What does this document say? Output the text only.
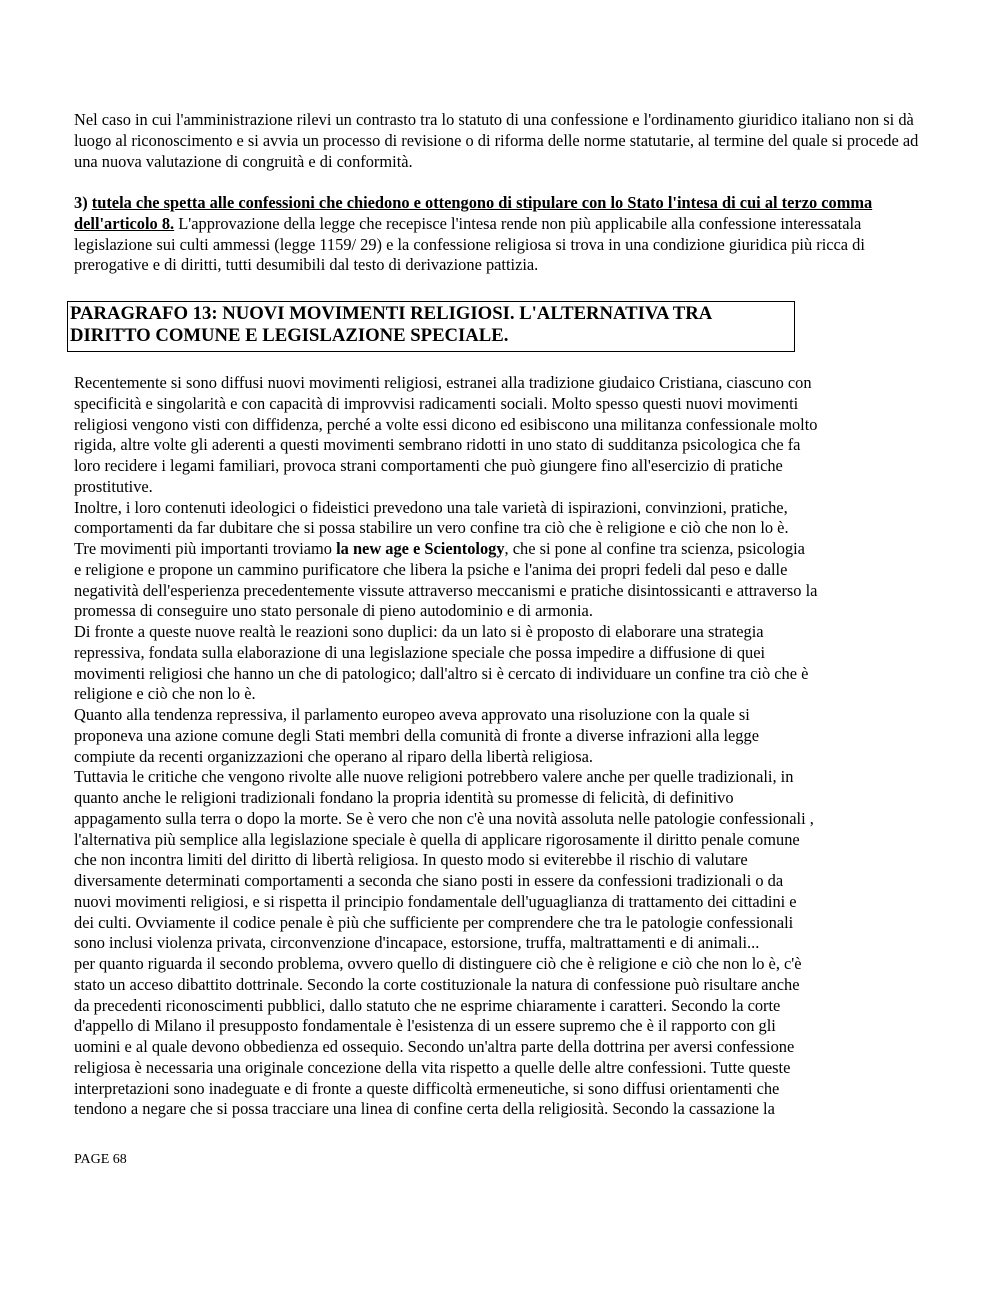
Nel caso in cui l'amministrazione rilevi un contrasto tra lo statuto di una confessione e l'ordinamento giuridico italiano non si dà luogo al riconoscimento e si avvia un processo di revisione o di riforma delle norme statutarie, al termine del quale si procede ad una nuova valutazione di congruità e di conformità.

3) tutela che spetta alle confessioni che chiedono e ottengono di stipulare con lo Stato l'intesa di cui al terzo comma dell'articolo 8. L'approvazione della legge che recepisce l'intesa rende non più applicabile alla confessione interessatala legislazione sui culti ammessi (legge 1159/ 29) e la confessione religiosa si trova in una condizione giuridica più ricca di prerogative e di diritti, tutti desumibili dal testo di derivazione pattizia.

PARAGRAFO 13: NUOVI MOVIMENTI RELIGIOSI. L'ALTERNATIVA TRA DIRITTO COMUNE E LEGISLAZIONE SPECIALE.

Recentemente si sono diffusi nuovi movimenti religiosi, estranei alla tradizione giudaico Cristiana, ciascuno con
specificità e singolarità e con capacità di improvvisi radicamenti sociali. Molto spesso questi nuovi movimenti
religiosi vengono visti con diffidenza, perché a volte essi dicono ed esibiscono una militanza confessionale molto
rigida, altre volte gli aderenti a questi movimenti sembrano ridotti in uno stato di sudditanza psicologica che fa
loro recidere i legami familiari, provoca strani comportamenti che può giungere fino all'esercizio di pratiche
prostitutive.
Inoltre, i loro contenuti ideologici o fideistici prevedono una tale varietà di ispirazioni, convinzioni, pratiche,
comportamenti da far dubitare che si possa stabilire un vero confine tra ciò che è religione e ciò che non lo è.
Tre movimenti più importanti troviamo la new age e Scientology, che si pone al confine tra scienza, psicologia
e religione e propone un cammino purificatore che libera la psiche e l'anima dei propri fedeli dal peso e dalle
negatività dell'esperienza precedentemente vissute attraverso meccanismi e pratiche disintossicanti e attraverso la
promessa di conseguire uno stato personale di pieno autodominio e di armonia.
Di fronte a queste nuove realtà le reazioni sono duplici: da un lato si è proposto di elaborare una strategia
repressiva, fondata sulla elaborazione di una legislazione speciale che possa impedire a diffusione di quei
movimenti religiosi che hanno un che di patologico; dall'altro si è cercato di individuare un confine tra ciò che è
religione e ciò che non lo è.
Quanto alla tendenza repressiva, il parlamento europeo aveva approvato una risoluzione con la quale si
proponeva una azione comune degli Stati membri della comunità di fronte a diverse infrazioni alla legge
compiute da recenti organizzazioni che operano al riparo della libertà religiosa.
Tuttavia le critiche che vengono rivolte alle nuove religioni potrebbero valere anche per quelle tradizionali, in
quanto anche le religioni tradizionali fondano la propria identità su promesse di felicità, di definitivo
appagamento sulla terra o dopo la morte. Se è vero che non c'è una novità assoluta nelle patologie confessionali ,
l'alternativa più semplice alla legislazione speciale è quella di applicare rigorosamente il diritto penale comune
che non incontra limiti del diritto di libertà religiosa. In questo modo si eviterebbe il rischio di valutare
diversamente determinati comportamenti a seconda che siano posti in essere da confessioni tradizionali o da
nuovi movimenti religiosi, e si rispetta il principio fondamentale dell'uguaglianza di trattamento dei cittadini e
dei culti. Ovviamente il codice penale è più che sufficiente per comprendere che tra le patologie confessionali
sono inclusi violenza privata, circonvenzione d'incapace, estorsione, truffa, maltrattamenti e di animali...
per quanto riguarda il secondo problema, ovvero quello di distinguere ciò che è religione e ciò che non lo è, c'è
stato un acceso dibattito dottrinale. Secondo la corte costituzionale la natura di confessione può risultare anche
da precedenti riconoscimenti pubblici, dallo statuto che ne esprime chiaramente i caratteri. Secondo la corte
d'appello di Milano il presupposto fondamentale è l'esistenza di un essere supremo che è il rapporto con gli
uomini e al quale devono obbedienza ed ossequio. Secondo un'altra parte della dottrina per aversi confessione
religiosa è necessaria una originale concezione della vita rispetto a quelle delle altre confessioni. Tutte queste
interpretazioni sono inadeguate e di fronte a queste difficoltà ermeneutiche, si sono diffusi orientamenti che
tendono a negare che si possa tracciare una linea di confine certa della religiosità. Secondo la cassazione la
PAGE 68
